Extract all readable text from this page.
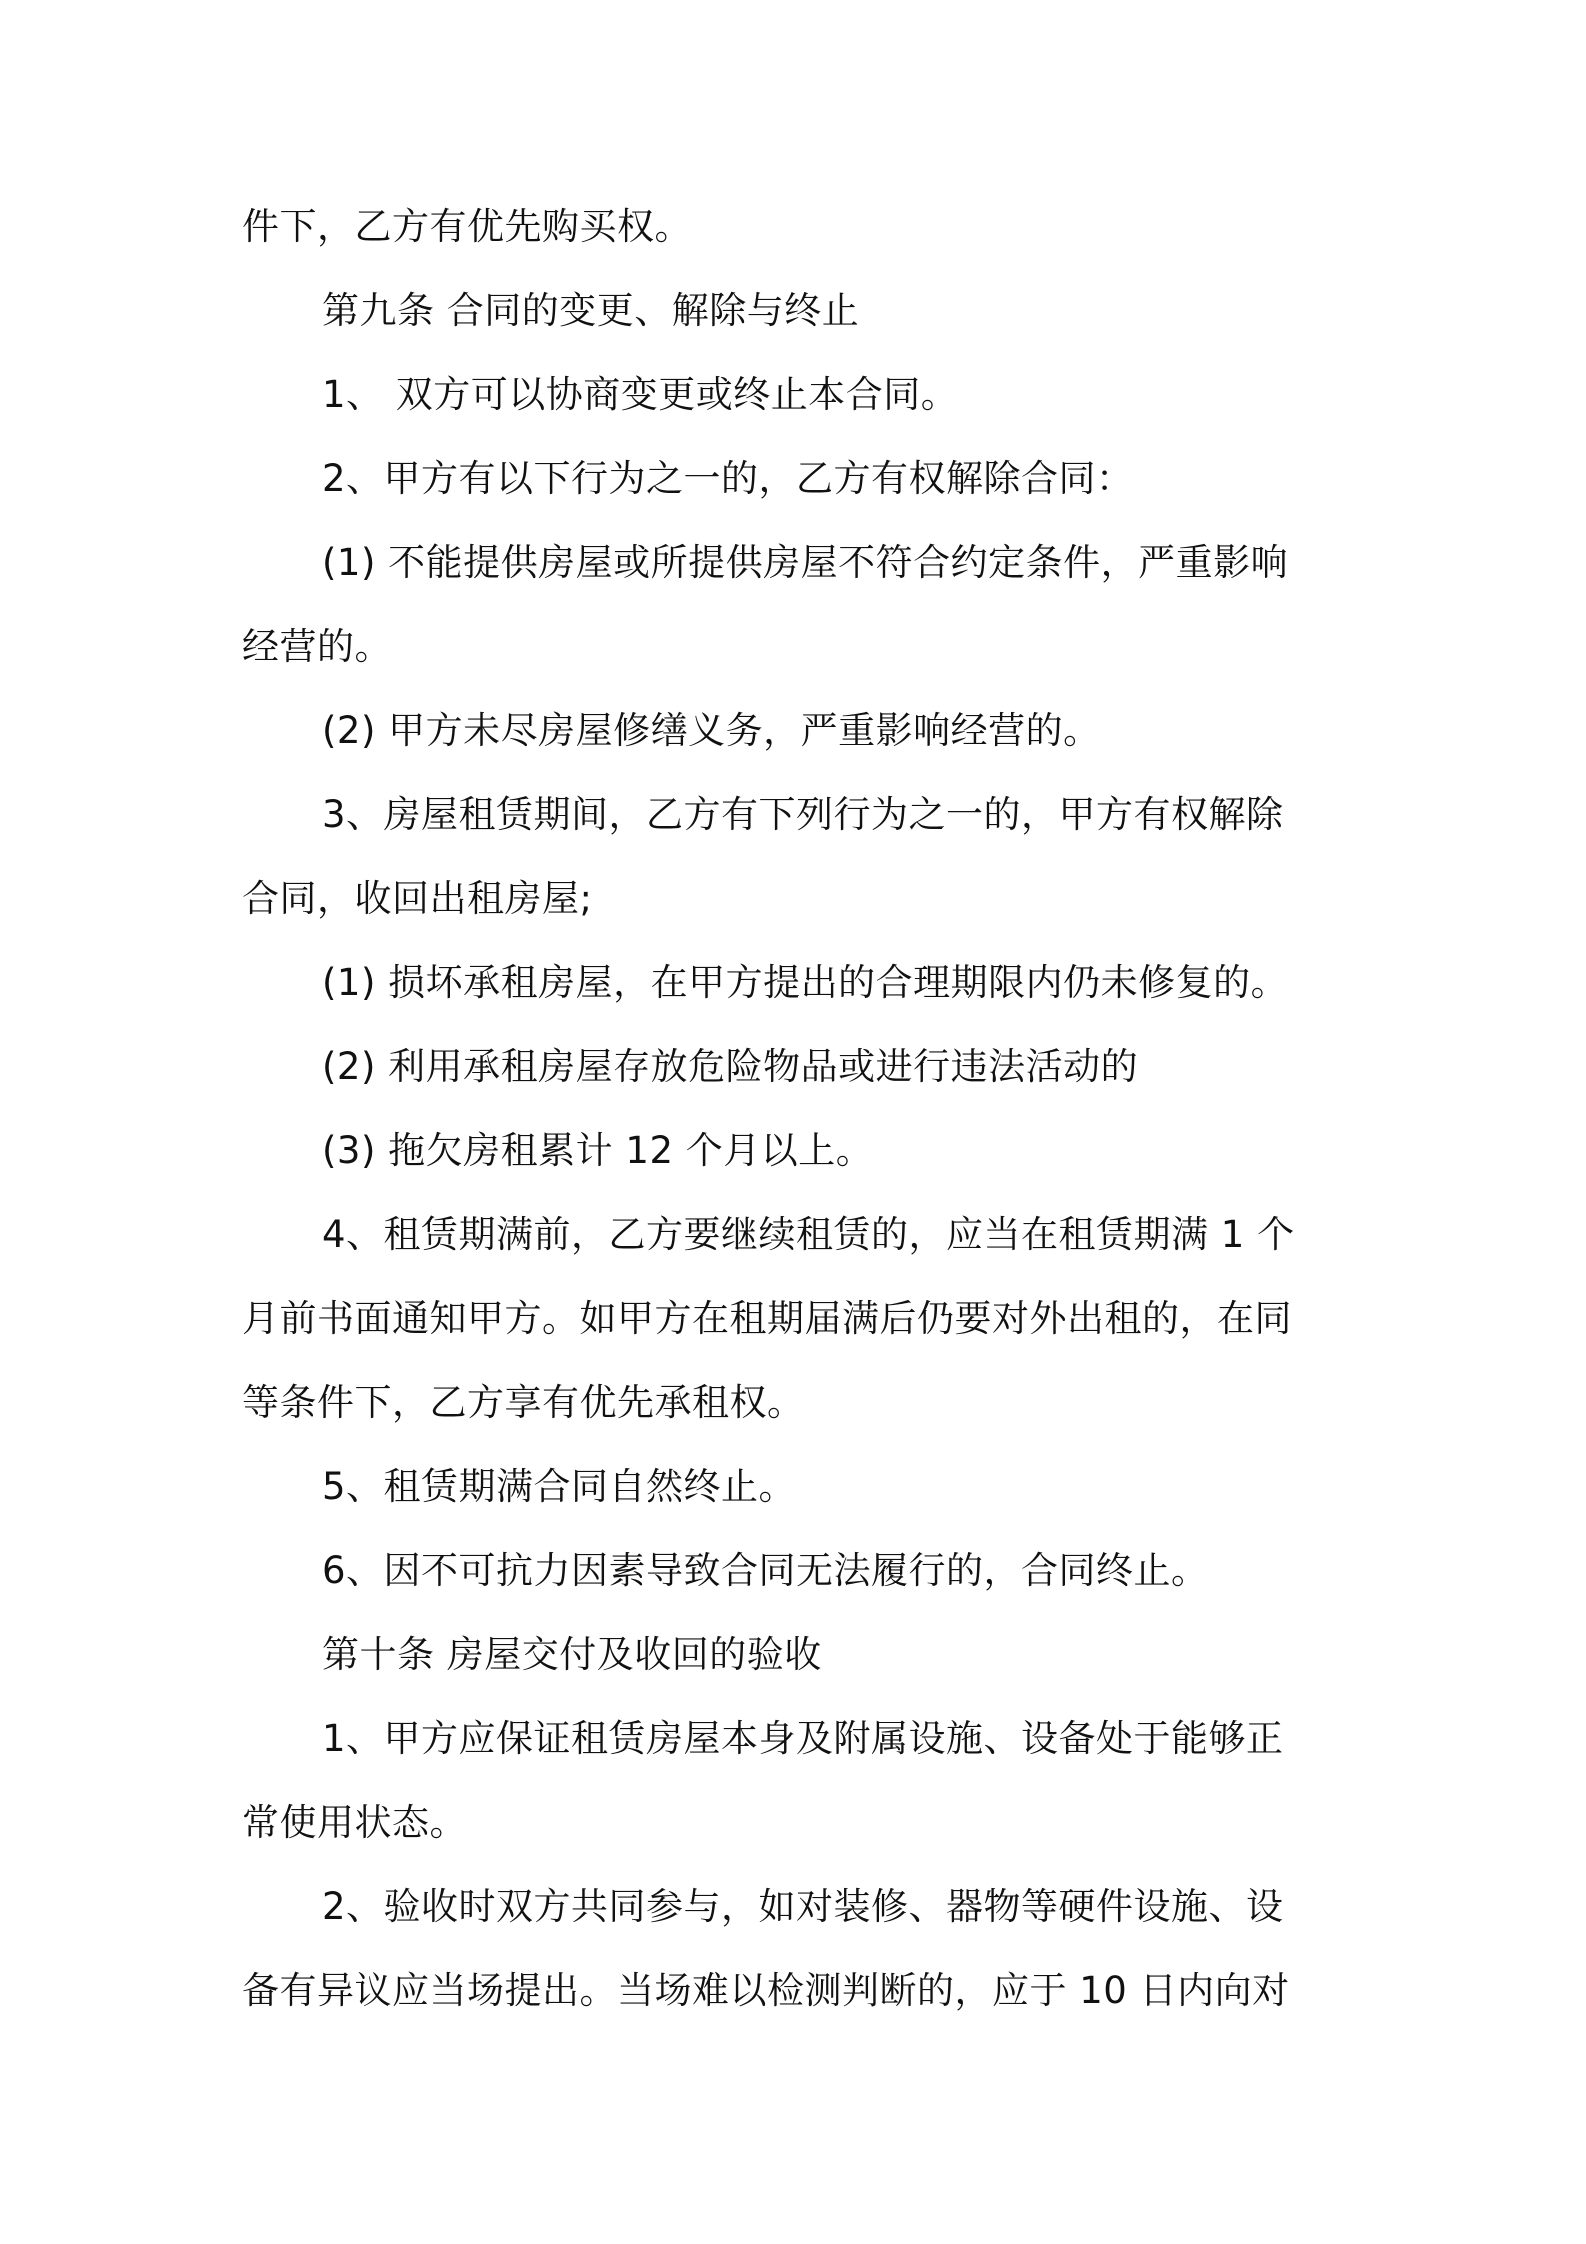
件下，乙方有优先购买权。
第九条 合同的变更、解除与终止
1、 双方可以协商变更或终止本合同。
2、甲方有以下行为之一的，乙方有权解除合同：
(1) 不能提供房屋或所提供房屋不符合约定条件，严重影响
经营的。
(2) 甲方未尽房屋修缮义务，严重影响经营的。
3、房屋租赁期间，乙方有下列行为之一的，甲方有权解除
合同，收回出租房屋;
(1) 损坏承租房屋，在甲方提出的合理期限内仍未修复的。
(2) 利用承租房屋存放危险物品或进行违法活动的
(3) 拖欠房租累计 12 个月以上。
4、租赁期满前，乙方要继续租赁的，应当在租赁期满 1 个
月前书面通知甲方。如甲方在租期届满后仍要对外出租的，在同
等条件下，乙方享有优先承租权。
5、租赁期满合同自然终止。
6、因不可抗力因素导致合同无法履行的，合同终止。
第十条 房屋交付及收回的验收
1、甲方应保证租赁房屋本身及附属设施、设备处于能够正
常使用状态。
2、验收时双方共同参与，如对装修、器物等硬件设施、设
备有异议应当场提出。当场难以检测判断的，应于 10 日内向对
